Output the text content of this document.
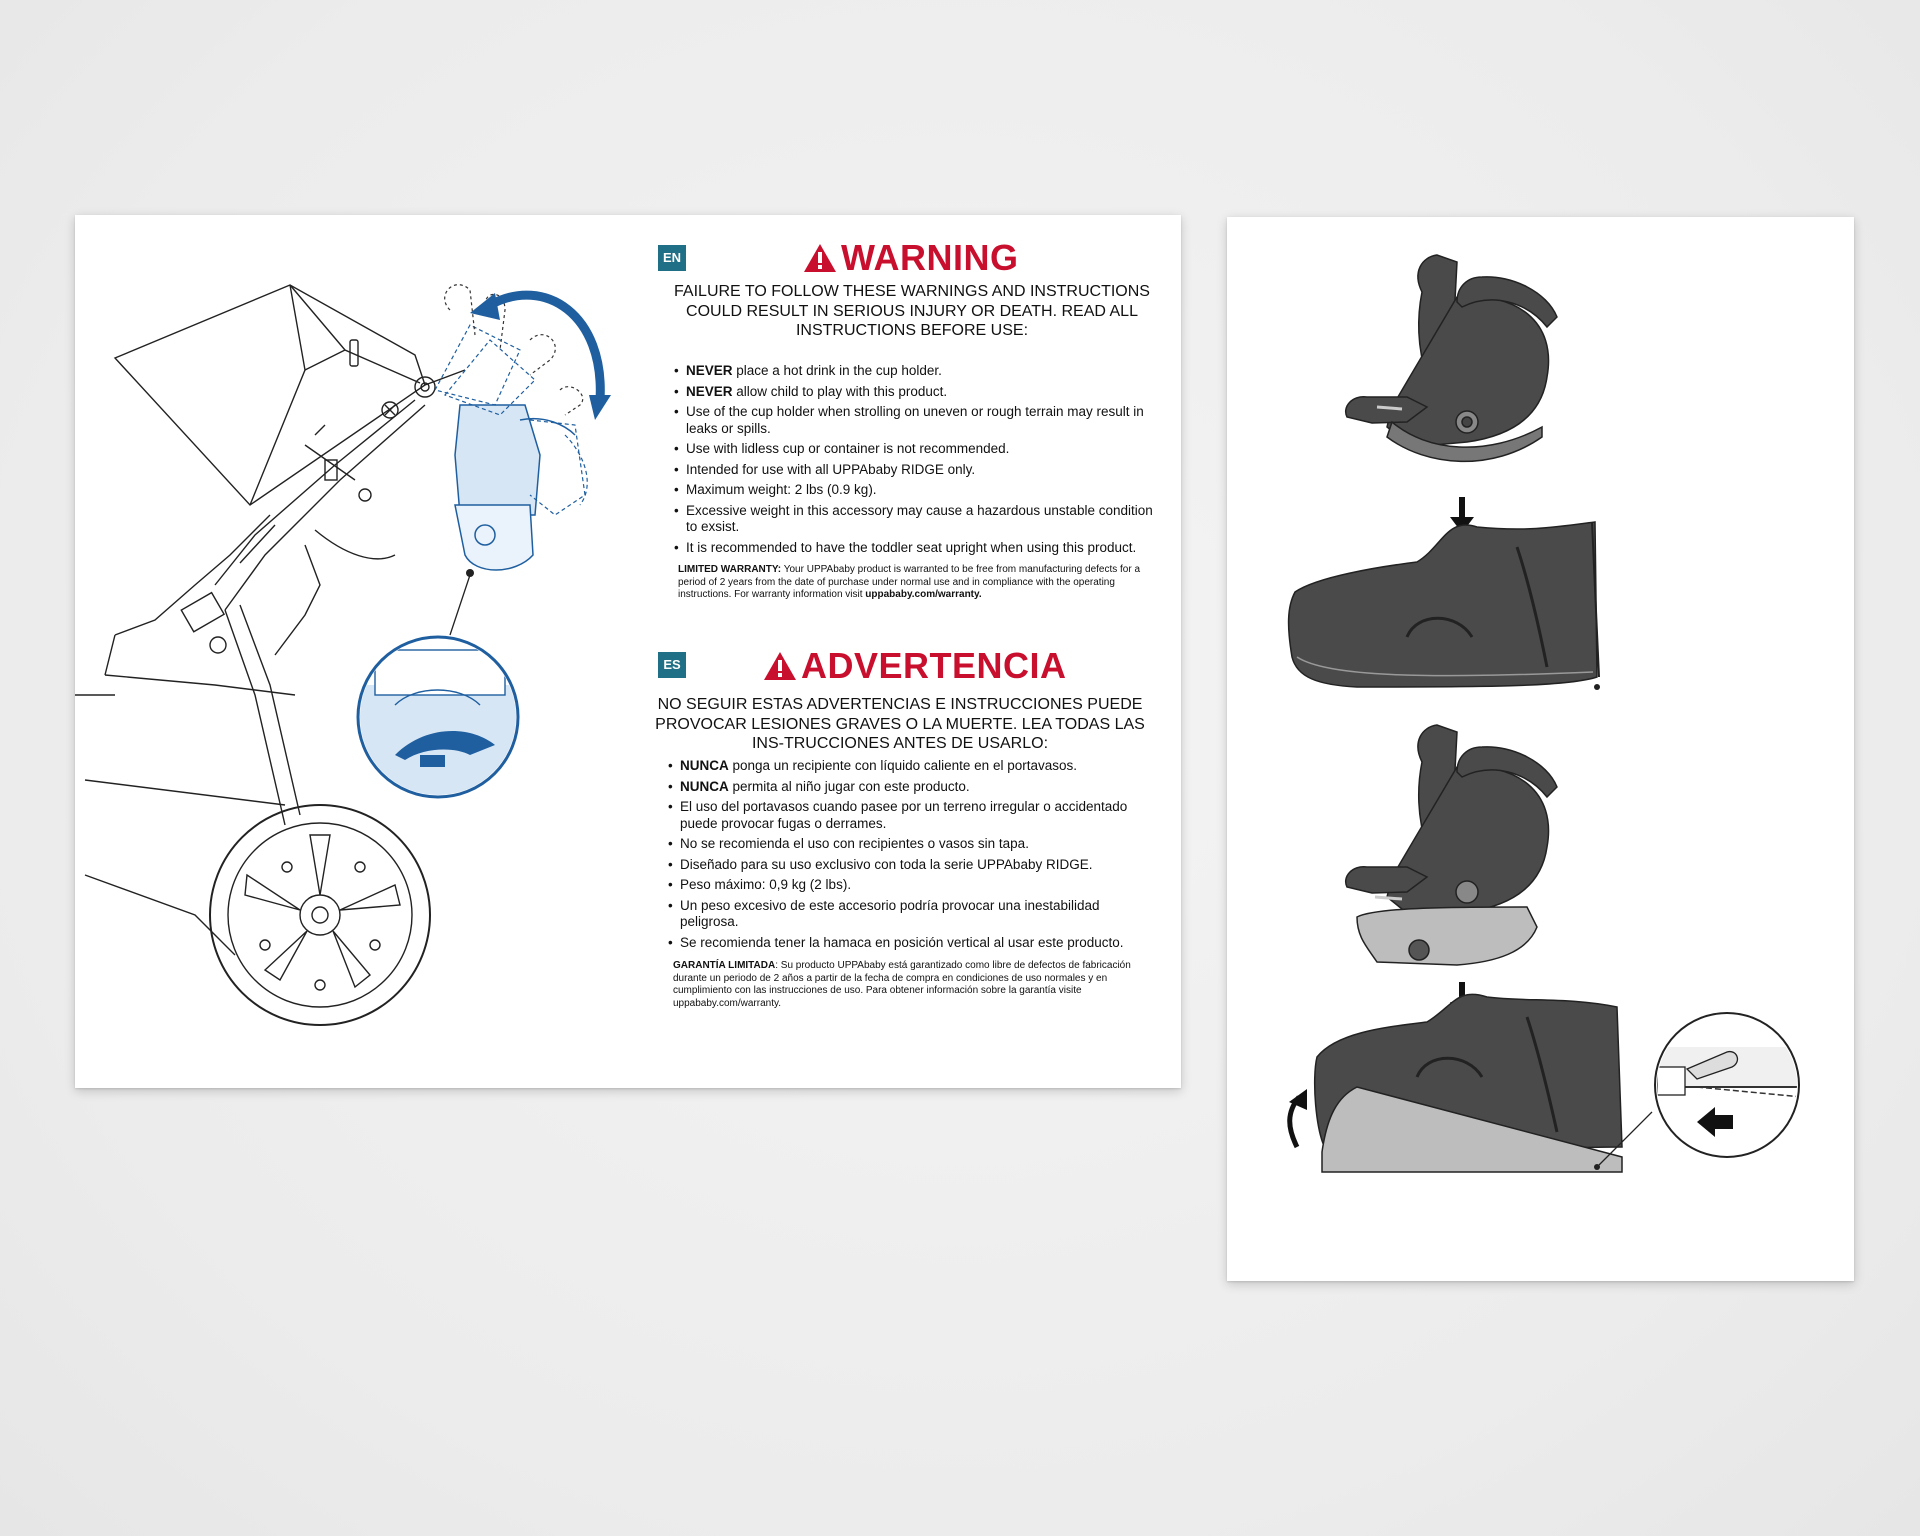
EN	WARNING
FAILURE TO FOLLOW THESE WARNINGS AND INSTRUCTIONS COULD RESULT IN SERIOUS INJURY OR DEATH. READ ALL INSTRUCTIONS BEFORE USE:
• NEVER place a hot drink in the cup holder.
• NEVER allow child to play with this product.
• Use of the cup holder when strolling on uneven or rough terrain may result in leaks or spills.
• Use with lidless cup or container is not recommended.
• Intended for use with all UPPAbaby RIDGE only.
• Maximum weight: 2 lbs (0.9 kg).
• Excessive weight in this accessory may cause a hazardous unstable condition to exsist.
• It is recommended to have the toddler seat upright when using this product.
LIMITED WARRANTY: Your UPPAbaby product is warranted to be free from manufacturing defects for a period of 2 years from the date of purchase under normal use and in compliance with the operating instructions. For warranty information visit uppababy.com/warranty.
ES	ADVERTENCIA
NO SEGUIR ESTAS ADVERTENCIAS E INSTRUCCIONES PUEDE PROVOCAR LESIONES GRAVES O LA MUERTE. LEA TODAS LAS INS-TRUCCIONES ANTES DE USARLO:
• NUNCA ponga un recipiente con líquido caliente en el portavasos.
• NUNCA permita al niño jugar con este producto.
• El uso del portavasos cuando pasee por un terreno irregular o accidentado puede provocar fugas o derrames.
• No se recomienda el uso con recipientes o vasos sin tapa.
• Diseñado para su uso exclusivo con toda la serie UPPAbaby RIDGE.
• Peso máximo: 0,9 kg (2 lbs).
• Un peso excesivo de este accesorio podría provocar una inestabilidad peligrosa.
• Se recomienda tener la hamaca en posición vertical al usar este producto.
GARANTÍA LIMITADA: Su producto UPPAbaby está garantizado como libre de defectos de fabricación durante un periodo de 2 años a partir de la fecha de compra en condiciones de uso normales y en cumplimiento con las instrucciones de uso. Para obtener información sobre la garantía visite uppababy.com/warranty.
